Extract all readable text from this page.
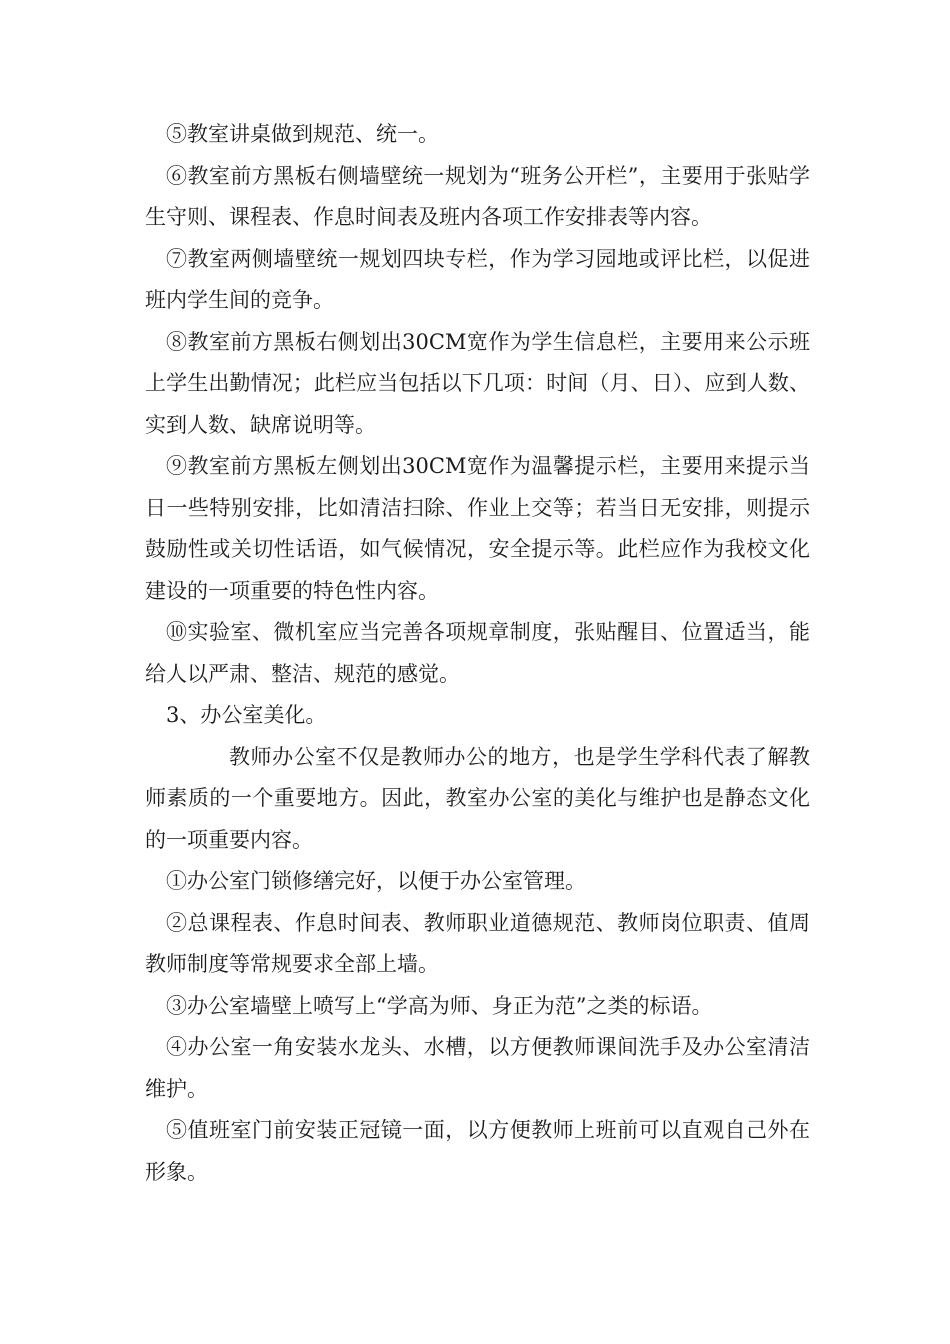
⑤教室讲桌做到规范、统一。

⑥教室前方黑板右侧墙壁统一规划为“班务公开栏”，主要用于张贴学生守则、课程表、作息时间表及班内各项工作安排表等内容。

⑦教室两侧墙壁统一规划四块专栏，作为学习园地或评比栏，以促进班内学生间的竞争。

⑧教室前方黑板右侧划出30CM宽作为学生信息栏，主要用来公示班上学生出勤情况；此栏应当包括以下几项：时间（月、日）、应到人数、实到人数、缺席说明等。

⑨教室前方黑板左侧划出30CM宽作为温馨提示栏，主要用来提示当日一些特别安排，比如清洁扫除、作业上交等；若当日无安排，则提示鼓励性或关切性话语，如气候情况，安全提示等。此栏应作为我校文化建设的一项重要的特色性内容。

⑩实验室、微机室应当完善各项规章制度，张贴醒目、位置适当，能给人以严肃、整洁、规范的感觉。

3、办公室美化。

教师办公室不仅是教师办公的地方，也是学生学科代表了解教师素质的一个重要地方。因此，教室办公室的美化与维护也是静态文化的一项重要内容。

①办公室门锁修缮完好，以便于办公室管理。

②总课程表、作息时间表、教师职业道德规范、教师岗位职责、值周教师制度等常规要求全部上墙。

③办公室墙壁上喷写上“学高为师、身正为范”之类的标语。

④办公室一角安装水龙头、水槽，以方便教师课间洗手及办公室清洁维护。

⑤值班室门前安装正冠镜一面，以方便教师上班前可以直观自己外在形象。
